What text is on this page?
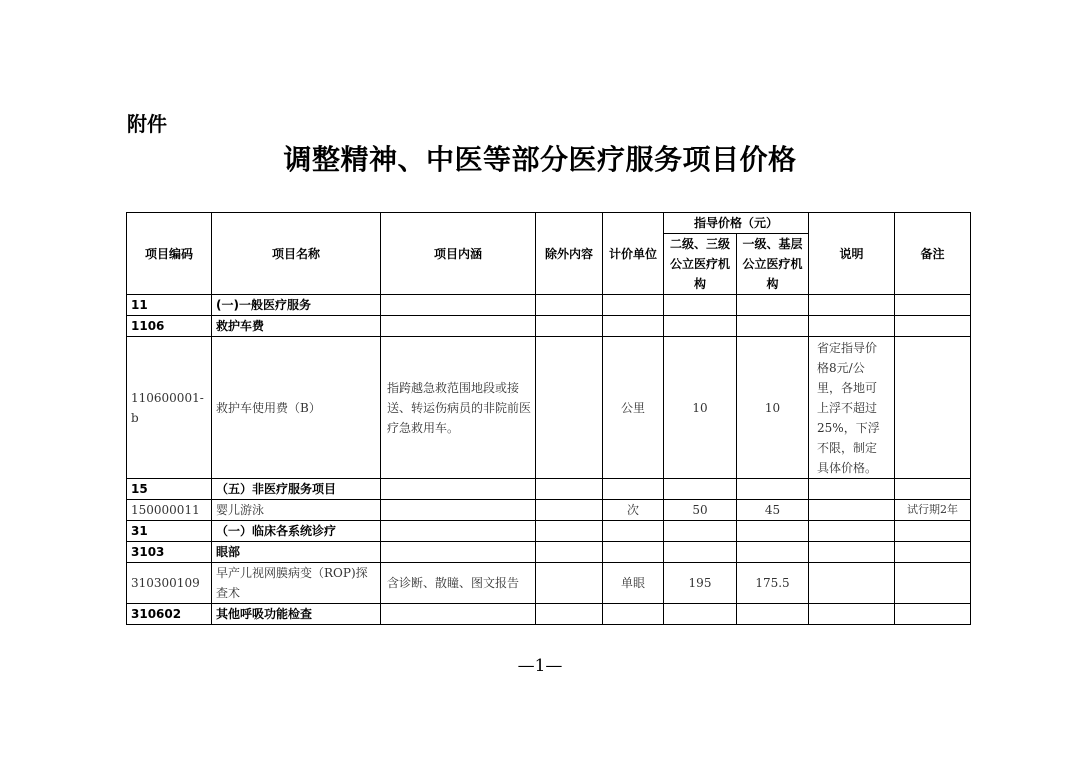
附件
调整精神、中医等部分医疗服务项目价格
项目编码	项目名称	项目内涵	除外内容	计价单位	指导价格（元）		说明	备注
					二级、三级公立医疗机构	一级、基层公立医疗机构		
11	(一)一般医疗服务							
1106	救护车费							
110600001-b	救护车使用费（B）	指跨越急救范围地段或接送、转运伤病员的非院前医疗急救用车。		公里	10	10	省定指导价格8元/公里，各地可上浮不超过25%，下浮不限，制定具体价格。	
15	（五）非医疗服务项目							
150000011	婴儿游泳			次	50	45		试行期2年
31	（一）临床各系统诊疗							
3103	眼部							
310300109	早产儿视网膜病变（ROP)探查术	含诊断、散瞳、图文报告		单眼	195	175.5		
310602	其他呼吸功能检查							
—1—
